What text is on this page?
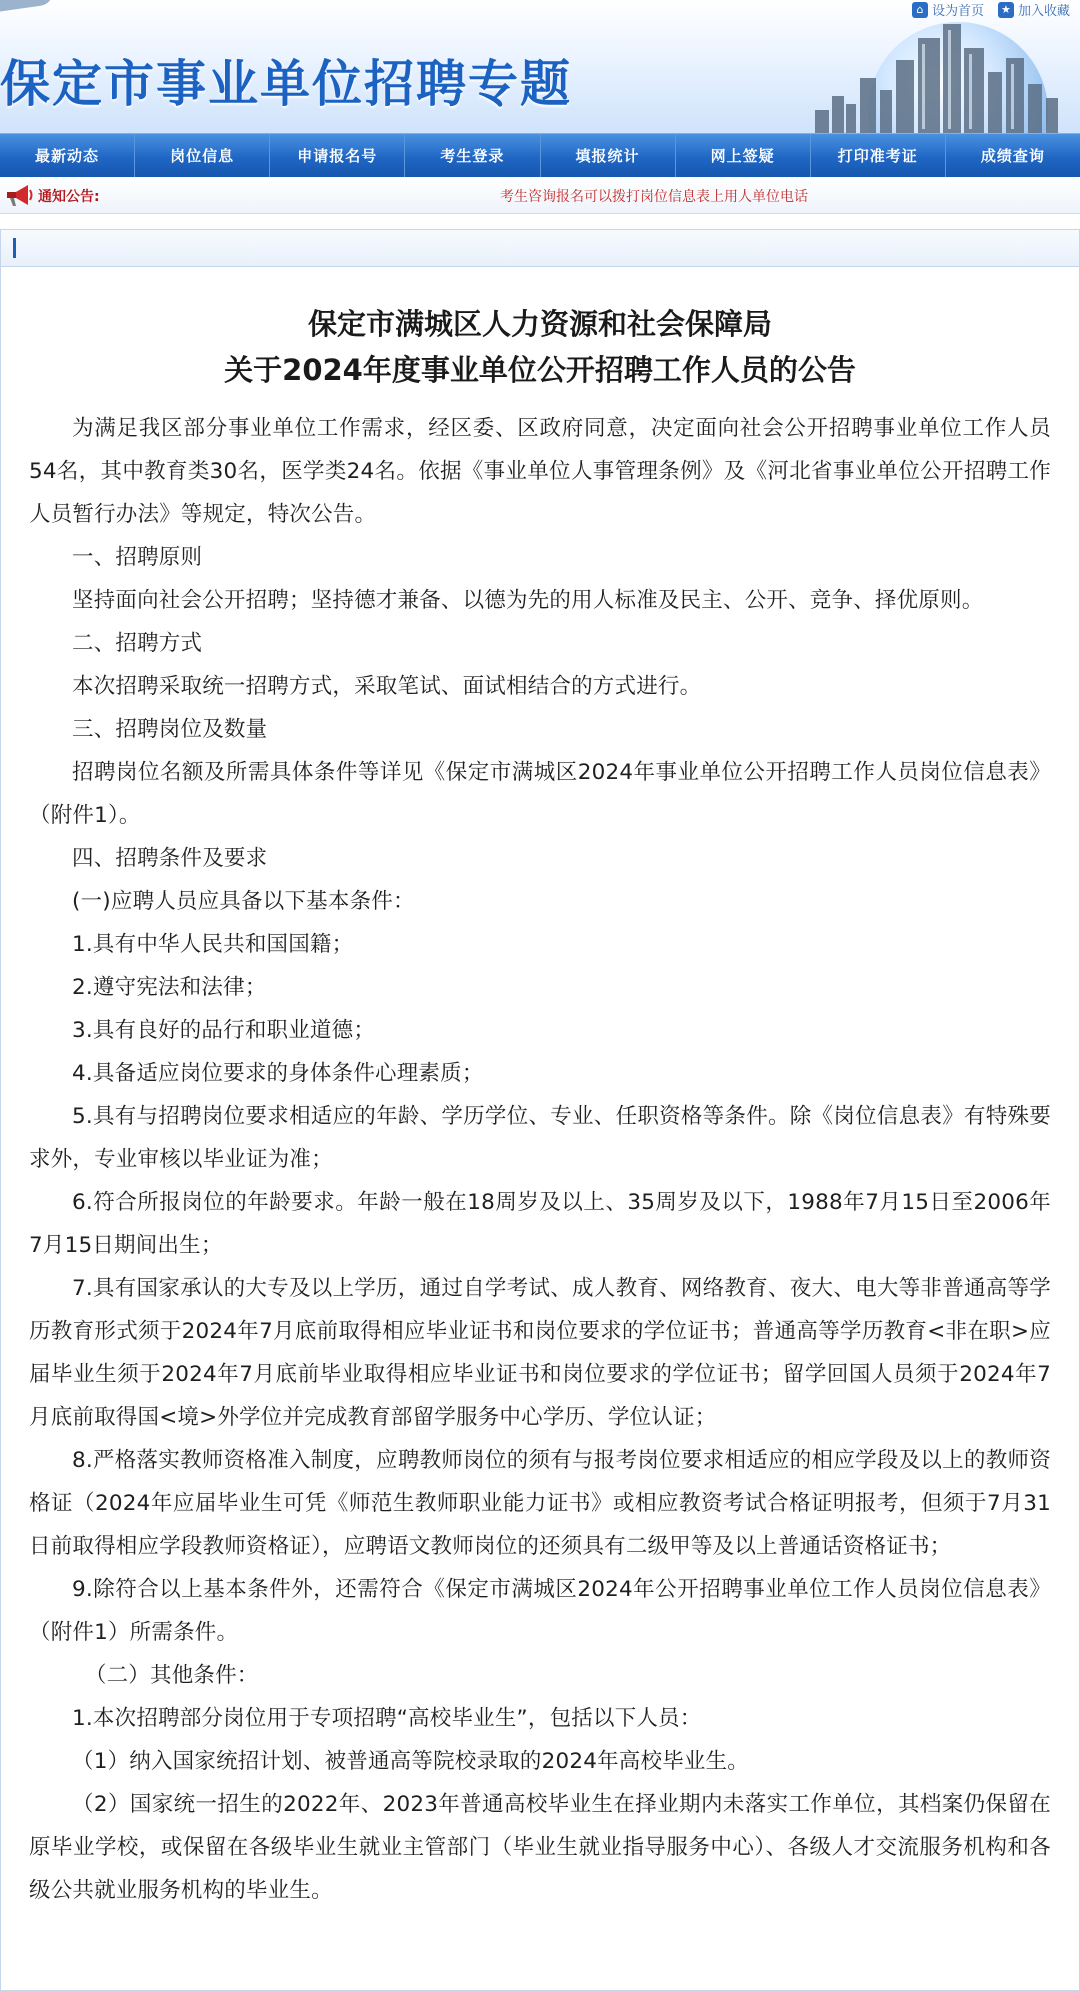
保定市事业单位招聘专题
⌂ 设为首页 ★ 加入收藏
最新动态	岗位信息	申请报名号	考生登录	填报统计	网上签疑	打印准考证	成绩查询
通知公告:	考生咨询报名可以拨打岗位信息表上用人单位电话
保定市满城区人力资源和社会保障局
关于2024年度事业单位公开招聘工作人员的公告

为满足我区部分事业单位工作需求，经区委、区政府同意，决定面向社会公开招聘事业单位工作人员54名，其中教育类30名，医学类24名。依据《事业单位人事管理条例》及《河北省事业单位公开招聘工作人员暂行办法》等规定，特次公告。

一、招聘原则

坚持面向社会公开招聘；坚持德才兼备、以德为先的用人标准及民主、公开、竞争、择优原则。

二、招聘方式

本次招聘采取统一招聘方式，采取笔试、面试相结合的方式进行。

三、招聘岗位及数量

招聘岗位名额及所需具体条件等详见《保定市满城区2024年事业单位公开招聘工作人员岗位信息表》（附件1）。

四、招聘条件及要求

(一)应聘人员应具备以下基本条件：

1.具有中华人民共和国国籍；

2.遵守宪法和法律；

3.具有良好的品行和职业道德；

4.具备适应岗位要求的身体条件心理素质；

5.具有与招聘岗位要求相适应的年龄、学历学位、专业、任职资格等条件。除《岗位信息表》有特殊要求外，专业审核以毕业证为准；

6.符合所报岗位的年龄要求。年龄一般在18周岁及以上、35周岁及以下，1988年7月15日至2006年7月15日期间出生；

7.具有国家承认的大专及以上学历，通过自学考试、成人教育、网络教育、夜大、电大等非普通高等学历教育形式须于2024年7月底前取得相应毕业证书和岗位要求的学位证书；普通高等学历教育<非在职>应届毕业生须于2024年7月底前毕业取得相应毕业证书和岗位要求的学位证书；留学回国人员须于2024年7月底前取得国<境>外学位并完成教育部留学服务中心学历、学位认证；

8.严格落实教师资格准入制度，应聘教师岗位的须有与报考岗位要求相适应的相应学段及以上的教师资格证（2024年应届毕业生可凭《师范生教师职业能力证书》或相应教资考试合格证明报考，但须于7月31日前取得相应学段教师资格证），应聘语文教师岗位的还须具有二级甲等及以上普通话资格证书；

9.除符合以上基本条件外，还需符合《保定市满城区2024年公开招聘事业单位工作人员岗位信息表》（附件1）所需条件。

（二）其他条件：

1.本次招聘部分岗位用于专项招聘“高校毕业生”，包括以下人员：

（1）纳入国家统招计划、被普通高等院校录取的2024年高校毕业生。

（2）国家统一招生的2022年、2023年普通高校毕业生在择业期内未落实工作单位，其档案仍保留在原毕业学校，或保留在各级毕业生就业主管部门（毕业生就业指导服务中心）、各级人才交流服务机构和各级公共就业服务机构的毕业生。
